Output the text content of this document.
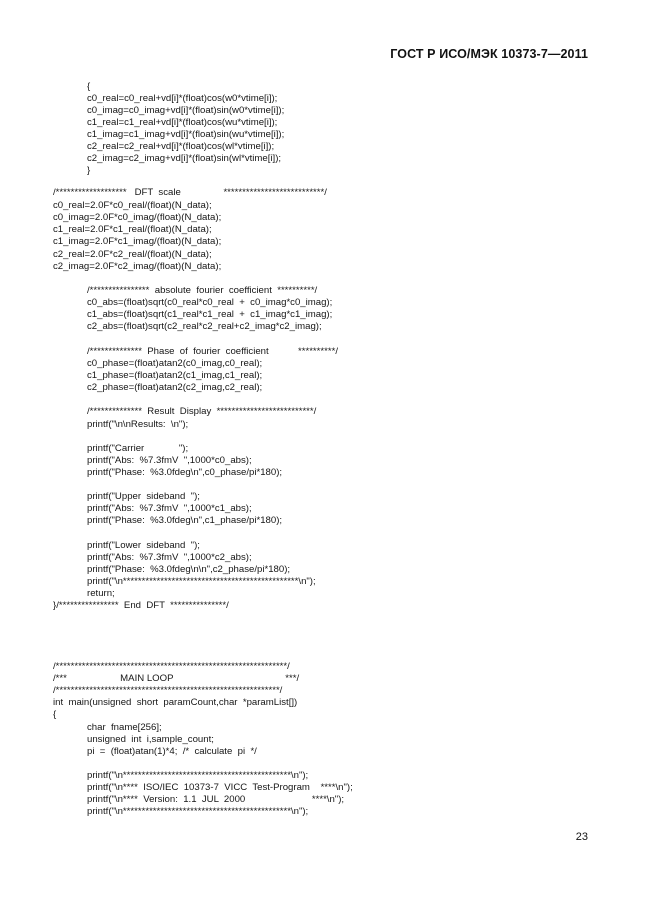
ГОСТ Р ИСО/МЭК 10373-7—2011
{
c0_real=c0_real+vd[i]*(float)cos(w0*vtime[i]);
c0_imag=c0_imag+vd[i]*(float)sin(w0*vtime[i]);
c1_real=c1_real+vd[i]*(float)cos(wu*vtime[i]);
c1_imag=c1_imag+vd[i]*(float)sin(wu*vtime[i]);
c2_real=c2_real+vd[i]*(float)cos(wl*vtime[i]);
c2_imag=c2_imag+vd[i]*(float)sin(wl*vtime[i]);
}
/*******************   DFT  scale                ***************************/
c0_real=2.0F*c0_real/(float)(N_data);
c0_imag=2.0F*c0_imag/(float)(N_data);
c1_real=2.0F*c1_real/(float)(N_data);
c1_imag=2.0F*c1_imag/(float)(N_data);
c2_real=2.0F*c2_real/(float)(N_data);
c2_imag=2.0F*c2_imag/(float)(N_data);
/****************  absolute  fourier  coefficient  **********/
c0_abs=(float)sqrt(c0_real*c0_real  +  c0_imag*c0_imag);
c1_abs=(float)sqrt(c1_real*c1_real  +  c1_imag*c1_imag);
c2_abs=(float)sqrt(c2_real*c2_real+c2_imag*c2_imag);
/**************  Phase  of  fourier  coefficient           **********/
c0_phase=(float)atan2(c0_imag,c0_real);
c1_phase=(float)atan2(c1_imag,c1_real);
c2_phase=(float)atan2(c2_imag,c2_real);
/**************  Result  Display  **************************/
printf("\n\nResults:  \n");
printf("Carrier             ");
printf("Abs:  %7.3fmV  ",1000*c0_abs);
printf("Phase:  %3.0fdeg\n",c0_phase/pi*180);
printf("Upper  sideband  ");
printf("Abs:  %7.3fmV  ",1000*c1_abs);
printf("Phase:  %3.0fdeg\n",c1_phase/pi*180);
printf("Lower  sideband  ");
printf("Abs:  %7.3fmV  ",1000*c2_abs);
printf("Phase:  %3.0fdeg\n\n",c2_phase/pi*180);
printf("\n***********************************************\n");
return;
}/****************  End  DFT  ***************/
/**************************************************************/
/***                    MAIN LOOP                                          ***/
/************************************************************/
int  main(unsigned  short  paramCount,char  *paramList[])
{
char  fname[256];
unsigned  int  i,sample_count;
pi  =  (float)atan(1)*4;  /*  calculate  pi  */
printf("\n*********************************************\n");
printf("\n****  ISO/IEC  10373-7  VICC  Test-Program    ****\n");
printf("\n****  Version:  1.1  JUL  2000                         ****\n");
printf("\n*********************************************\n");
23
